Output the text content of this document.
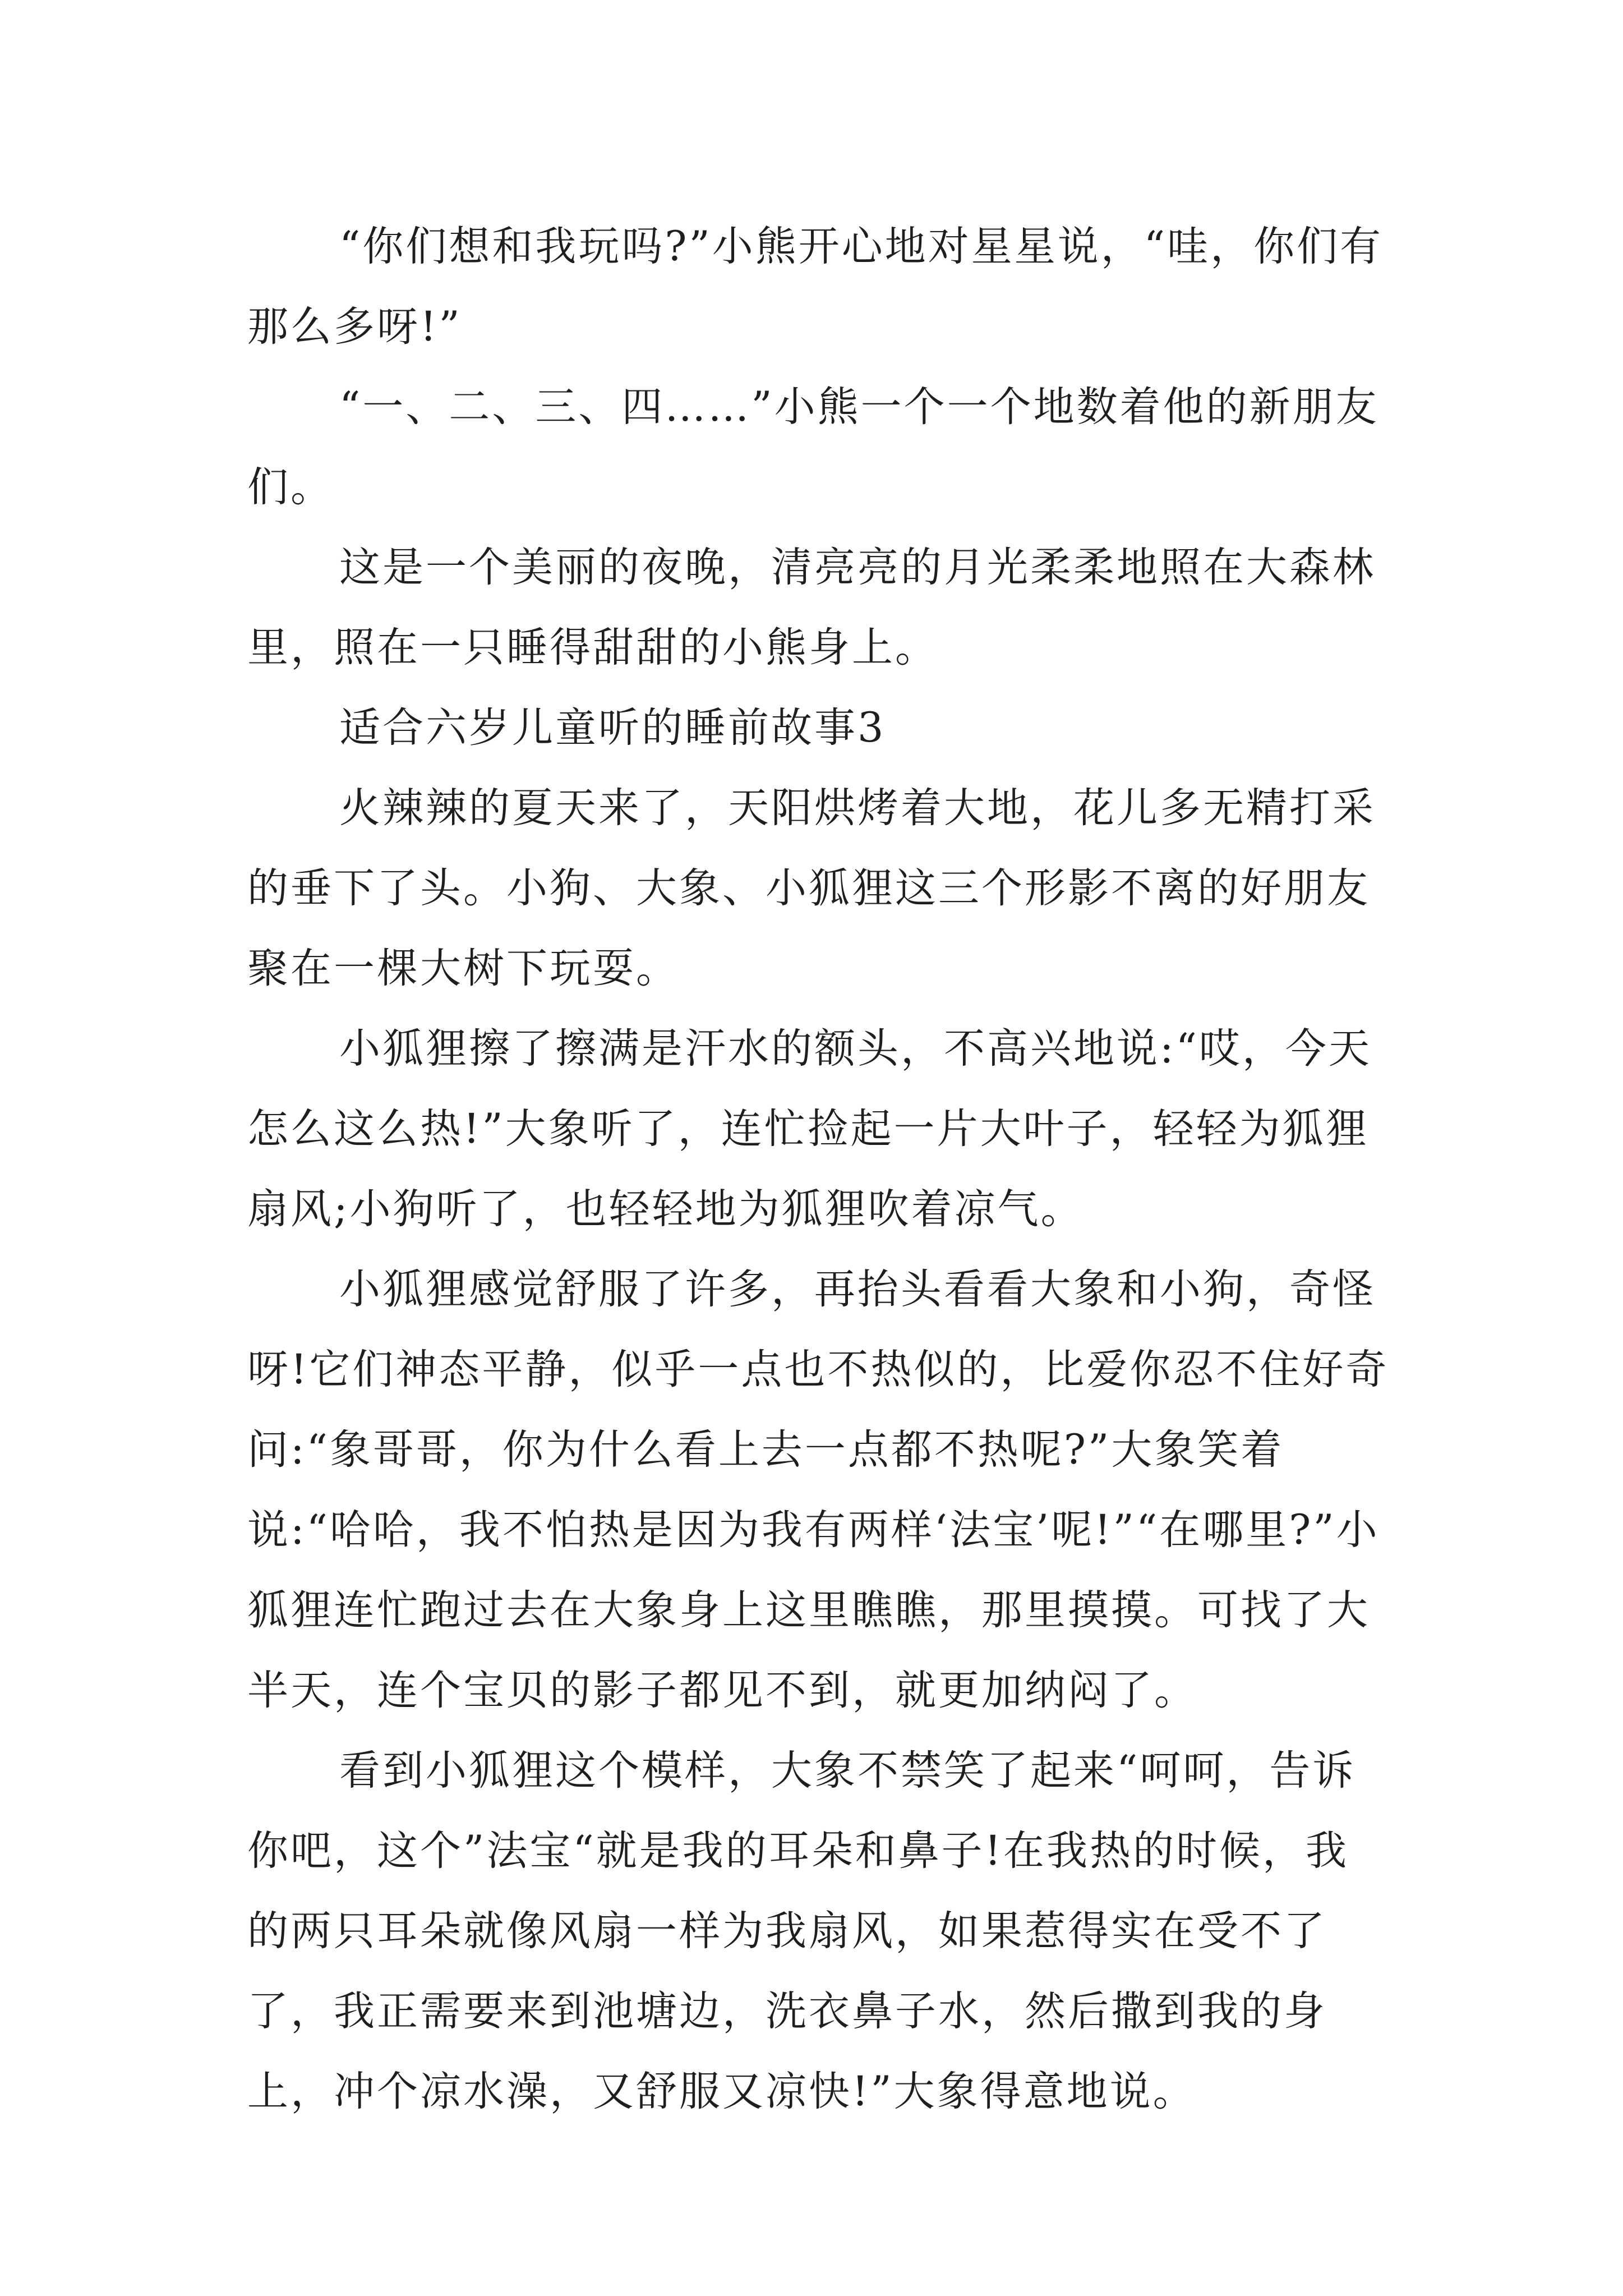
“你们想和我玩吗?”小熊开心地对星星说，“哇，你们有那么多呀!”

“一、二、三、四……”小熊一个一个地数着他的新朋友们。

这是一个美丽的夜晚，清亮亮的月光柔柔地照在大森林里，照在一只睡得甜甜的小熊身上。

适合六岁儿童听的睡前故事3

火辣辣的夏天来了，天阳烘烤着大地，花儿多无精打采的垂下了头。小狗、大象、小狐狸这三个形影不离的好朋友聚在一棵大树下玩耍。

小狐狸擦了擦满是汗水的额头，不高兴地说:“哎，今天怎么这么热!”大象听了，连忙捡起一片大叶子，轻轻为狐狸扇风;小狗听了，也轻轻地为狐狸吹着凉气。

小狐狸感觉舒服了许多，再抬头看看大象和小狗，奇怪呀!它们神态平静，似乎一点也不热似的，比爱你忍不住好奇问:“象哥哥，你为什么看上去一点都不热呢?”大象笑着说:“哈哈，我不怕热是因为我有两样‘法宝’呢!”“在哪里?”小狐狸连忙跑过去在大象身上这里瞧瞧，那里摸摸。可找了大半天，连个宝贝的影子都见不到，就更加纳闷了。

看到小狐狸这个模样，大象不禁笑了起来“呵呵，告诉你吧，这个”法宝“就是我的耳朵和鼻子!在我热的时候，我的两只耳朵就像风扇一样为我扇风，如果惹得实在受不了了，我正需要来到池塘边，洗衣鼻子水，然后撒到我的身上，冲个凉水澡，又舒服又凉快!”大象得意地说。
